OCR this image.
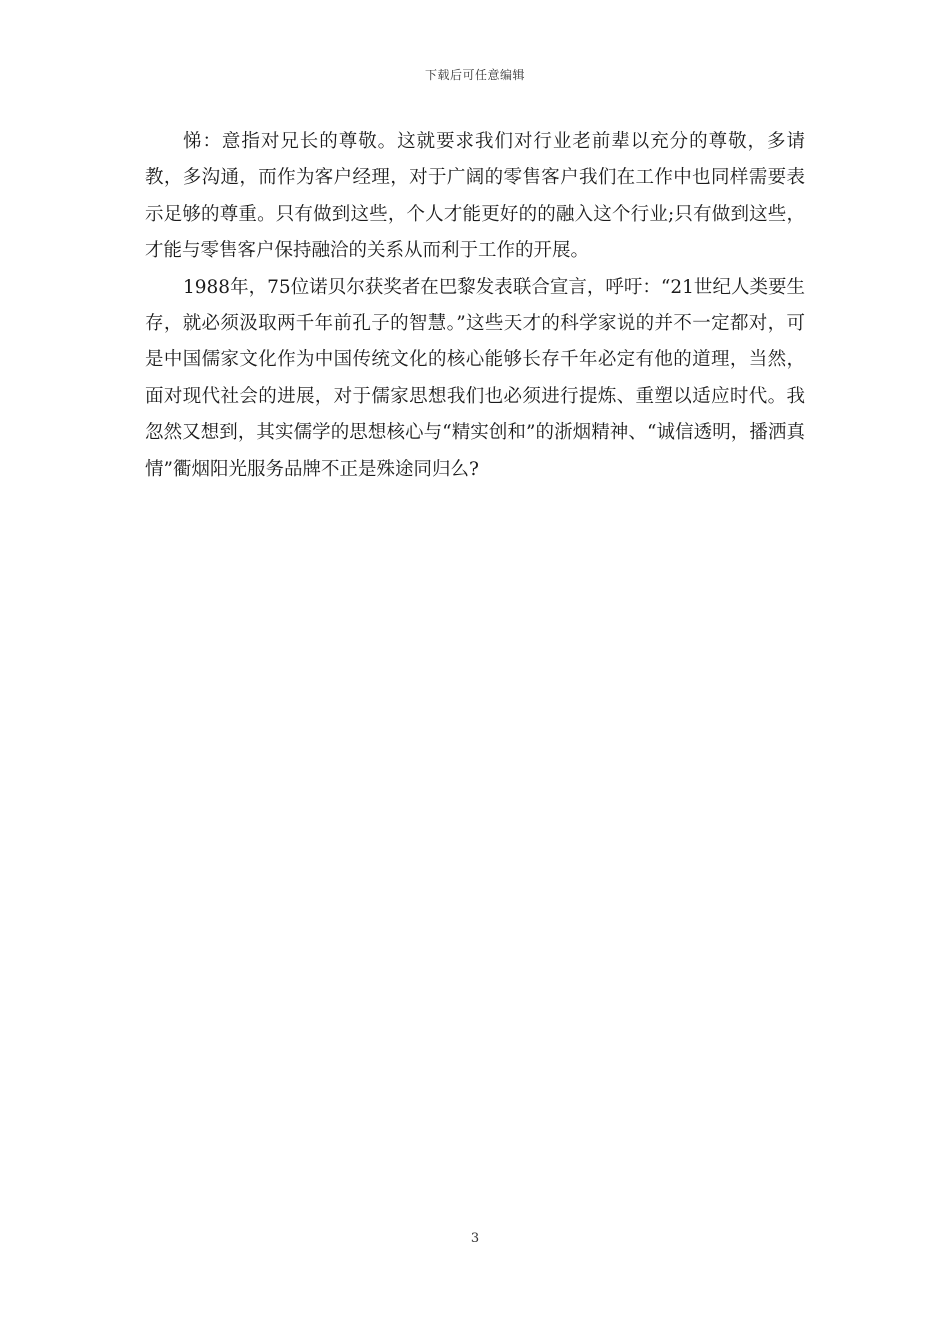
下载后可任意编辑

悌：意指对兄长的尊敬。这就要求我们对行业老前辈以充分的尊敬，多请教，多沟通，而作为客户经理，对于广阔的零售客户我们在工作中也同样需要表示足够的尊重。只有做到这些，个人才能更好的的融入这个行业;只有做到这些，才能与零售客户保持融洽的关系从而利于工作的开展。

1988年，75位诺贝尔获奖者在巴黎发表联合宣言，呼吁：“21世纪人类要生存，就必须汲取两千年前孔子的智慧。”这些天才的科学家说的并不一定都对，可是中国儒家文化作为中国传统文化的核心能够长存千年必定有他的道理，当然，面对现代社会的进展，对于儒家思想我们也必须进行提炼、重塑以适应时代。我忽然又想到，其实儒学的思想核心与“精实创和”的浙烟精神、“诚信透明，播洒真情”衢烟阳光服务品牌不正是殊途同归么?

3
